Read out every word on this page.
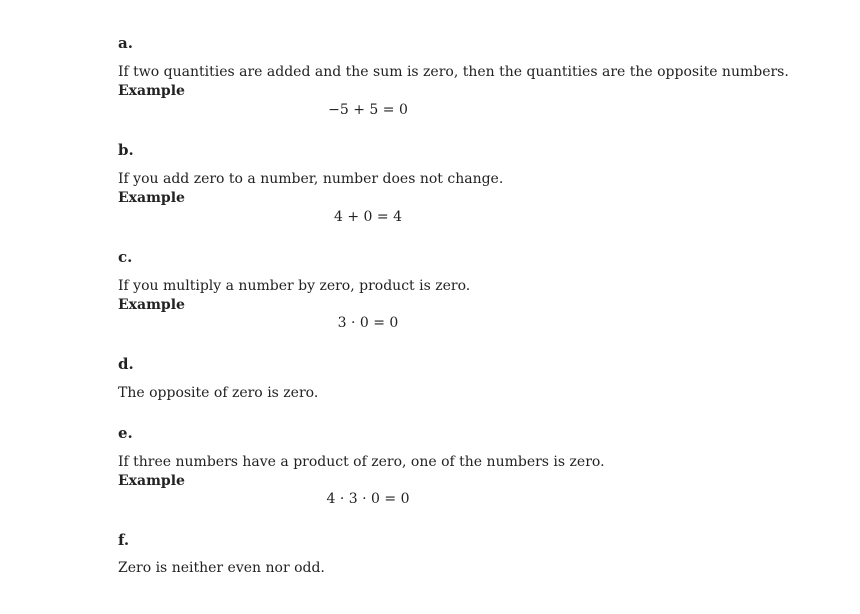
a.
If two quantities are added and the sum is zero, then the quantities are the opposite numbers.
Example
−5 + 5 = 0
b.
If you add zero to a number, number does not change.
Example
4 + 0 = 4
c.
If you multiply a number by zero, product is zero.
Example
3 · 0 = 0
d.
The opposite of zero is zero.
e.
If three numbers have a product of zero, one of the numbers is zero.
Example
4 · 3 · 0 = 0
f.
Zero is neither even nor odd.
